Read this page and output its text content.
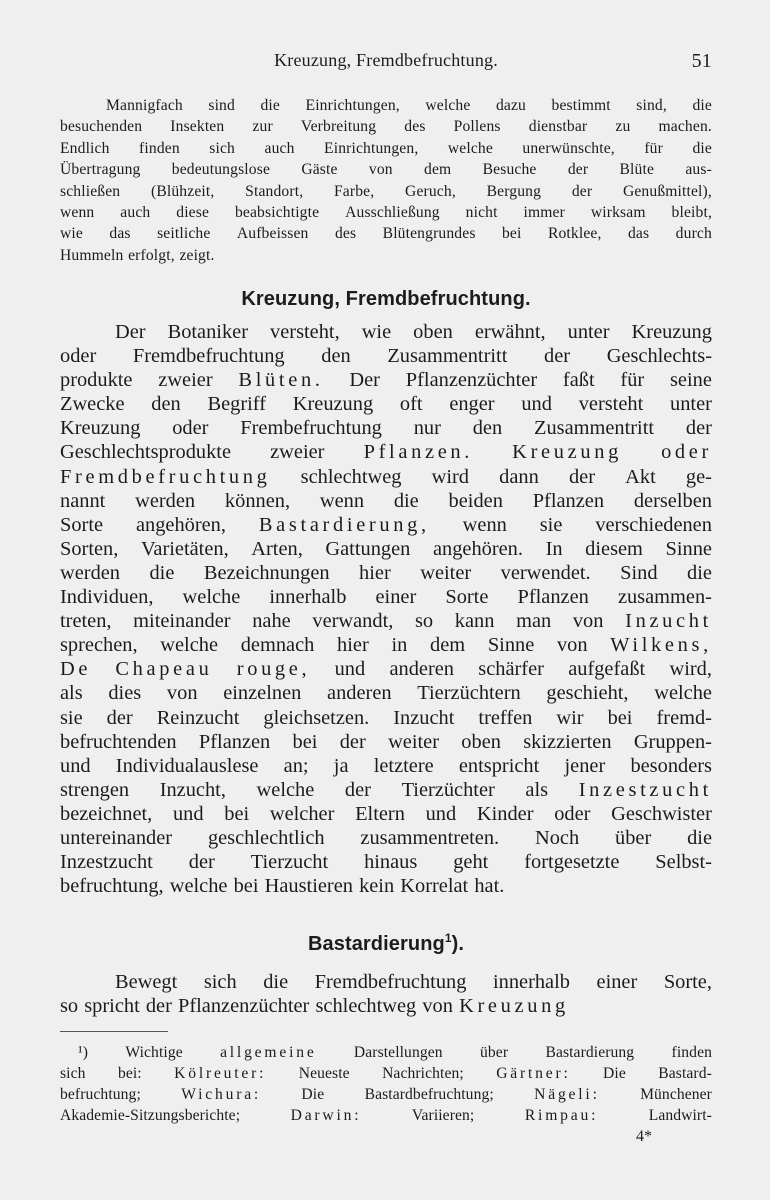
Kreuzung, Fremdbefruchtung.	51
Mannigfach sind die Einrichtungen, welche dazu bestimmt sind, die
besuchenden Insekten zur Verbreitung des Pollens dienstbar zu machen.
Endlich finden sich auch Einrichtungen, welche unerwünschte, für die
Übertragung bedeutungslose Gäste von dem Besuche der Blüte aus-
schließen (Blühzeit, Standort, Farbe, Geruch, Bergung der Genußmittel),
wenn auch diese beabsichtigte Ausschließung nicht immer wirksam bleibt,
wie das seitliche Aufbeissen des Blütengrundes bei Rotklee, das durch
Hummeln erfolgt, zeigt.
Kreuzung, Fremdbefruchtung.
Der Botaniker versteht, wie oben erwähnt, unter Kreuzung
oder Fremdbefruchtung den Zusammentritt der Geschlechts-
produkte zweier Blüten. Der Pflanzenzüchter faßt für seine
Zwecke den Begriff Kreuzung oft enger und versteht unter
Kreuzung oder Frembefruchtung nur den Zusammentritt der
Geschlechtsprodukte zweier Pflanzen. Kreuzung oder
Fremdbefruchtung schlechtweg wird dann der Akt ge-
nannt werden können, wenn die beiden Pflanzen derselben
Sorte angehören, Bastardierung, wenn sie verschiedenen
Sorten, Varietäten, Arten, Gattungen angehören. In diesem Sinne
werden die Bezeichnungen hier weiter verwendet. Sind die
Individuen, welche innerhalb einer Sorte Pflanzen zusammen-
treten, miteinander nahe verwandt, so kann man von Inzucht
sprechen, welche demnach hier in dem Sinne von Wilkens,
De Chapeau rouge, und anderen schärfer aufgefaßt wird,
als dies von einzelnen anderen Tierzüchtern geschieht, welche
sie der Reinzucht gleichsetzen. Inzucht treffen wir bei fremd-
befruchtenden Pflanzen bei der weiter oben skizzierten Gruppen-
und Individualauslese an; ja letztere entspricht jener besonders
strengen Inzucht, welche der Tierzüchter als Inzestzucht
bezeichnet, und bei welcher Eltern und Kinder oder Geschwister
untereinander geschlechtlich zusammentreten. Noch über die
Inzestzucht der Tierzucht hinaus geht fortgesetzte Selbst-
befruchtung, welche bei Haustieren kein Korrelat hat.
Bastardierung$^1$).
Bewegt sich die Fremdbefruchtung innerhalb einer Sorte,
so spricht der Pflanzenzüchter schlechtweg von Kreuzung
¹) Wichtige allgemeine Darstellungen über Bastardierung finden
sich bei: Kölreuter: Neueste Nachrichten; Gärtner: Die Bastard-
befruchtung;	Wichura:	Die	Bastardbefruchtung;	Nägeli:	Münchener
Akademie-Sitzungsberichte;	Darwin:	Variieren;	Rimpau:	Landwirt-
4*
